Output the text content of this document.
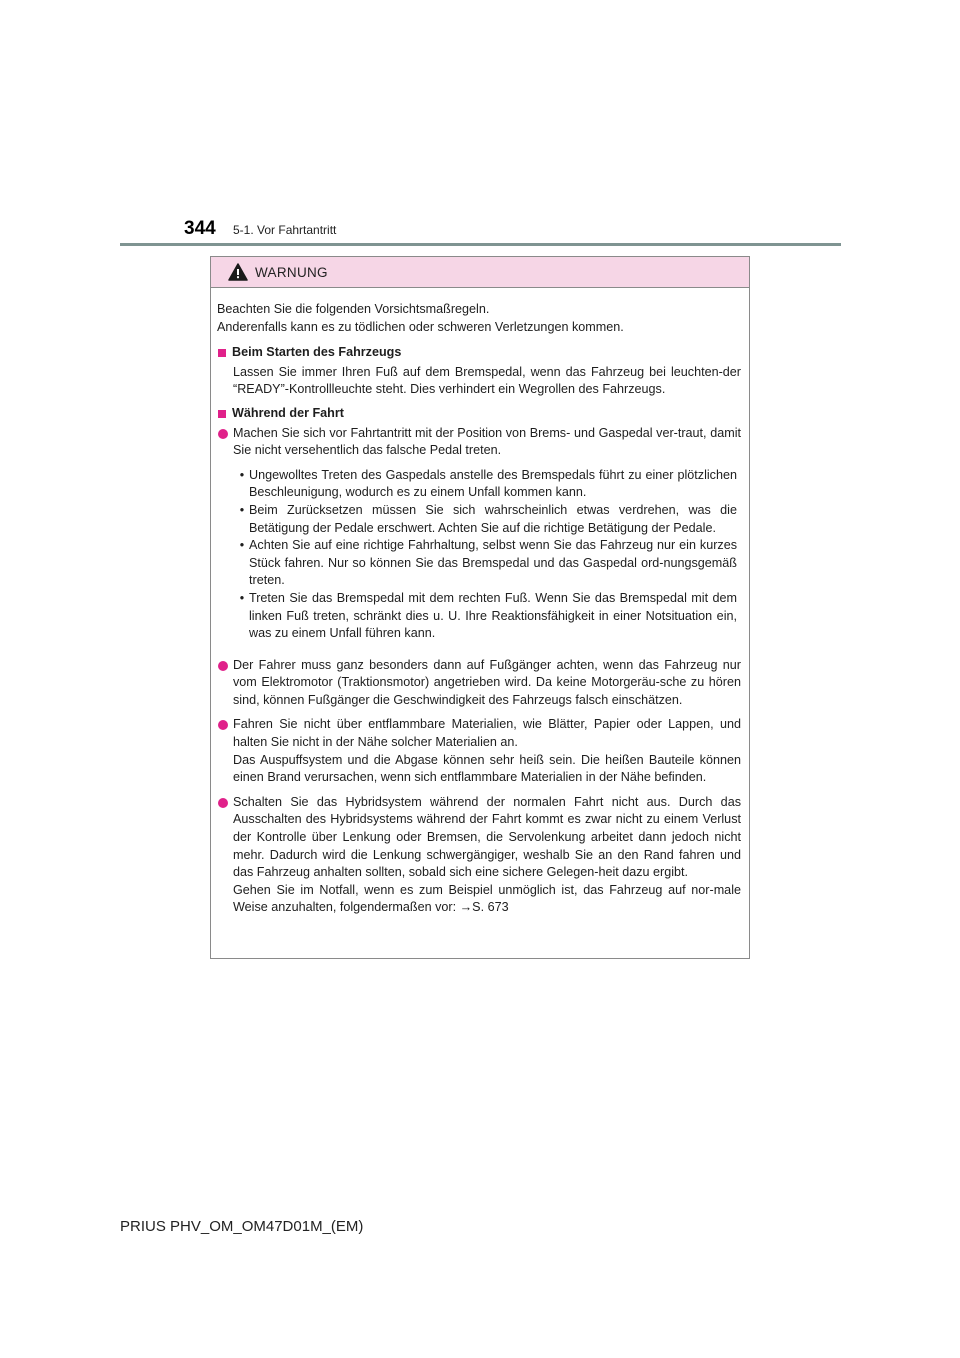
344 5-1. Vor Fahrtantritt
WARNUNG
Beachten Sie die folgenden Vorsichtsmaßregeln.
Anderenfalls kann es zu tödlichen oder schweren Verletzungen kommen.
Beim Starten des Fahrzeugs
Lassen Sie immer Ihren Fuß auf dem Bremspedal, wenn das Fahrzeug bei leuchten-der “READY”-Kontrollleuchte steht. Dies verhindert ein Wegrollen des Fahrzeugs.
Während der Fahrt

Machen Sie sich vor Fahrtantritt mit der Position von Brems- und Gaspedal ver-traut, damit Sie nicht versehentlich das falsche Pedal treten.

• Ungewolltes Treten des Gaspedals anstelle des Bremspedals führt zu einer plötzlichen Beschleunigung, wodurch es zu einem Unfall kommen kann.
• Beim Zurücksetzen müssen Sie sich wahrscheinlich etwas verdrehen, was die Betätigung der Pedale erschwert. Achten Sie auf die richtige Betätigung der Pedale.
• Achten Sie auf eine richtige Fahrhaltung, selbst wenn Sie das Fahrzeug nur ein kurzes Stück fahren. Nur so können Sie das Bremspedal und das Gaspedal ord-nungsgemäß treten.
• Treten Sie das Bremspedal mit dem rechten Fuß. Wenn Sie das Bremspedal mit dem linken Fuß treten, schränkt dies u. U. Ihre Reaktionsfähigkeit in einer Notsituation ein, was zu einem Unfall führen kann.

Der Fahrer muss ganz besonders dann auf Fußgänger achten, wenn das Fahrzeug nur vom Elektromotor (Traktionsmotor) angetrieben wird. Da keine Motorgeräu-sche zu hören sind, können Fußgänger die Geschwindigkeit des Fahrzeugs falsch einschätzen.

Fahren Sie nicht über entflammbare Materialien, wie Blätter, Papier oder Lappen, und halten Sie nicht in der Nähe solcher Materialien an.

Das Auspuffsystem und die Abgase können sehr heiß sein. Die heißen Bauteile können einen Brand verursachen, wenn sich entflammbare Materialien in der Nähe befinden.

Schalten Sie das Hybridsystem während der normalen Fahrt nicht aus. Durch das Ausschalten des Hybridsystems während der Fahrt kommt es zwar nicht zu einem Verlust der Kontrolle über Lenkung oder Bremsen, die Servolenkung arbeitet dann jedoch nicht mehr. Dadurch wird die Lenkung schwergängiger, weshalb Sie an den Rand fahren und das Fahrzeug anhalten sollten, sobald sich eine sichere Gelegen-heit dazu ergibt.

Gehen Sie im Notfall, wenn es zum Beispiel unmöglich ist, das Fahrzeug auf nor-male Weise anzuhalten, folgendermaßen vor: →S. 673

PRIUS PHV_OM_OM47D01M_(EM)
